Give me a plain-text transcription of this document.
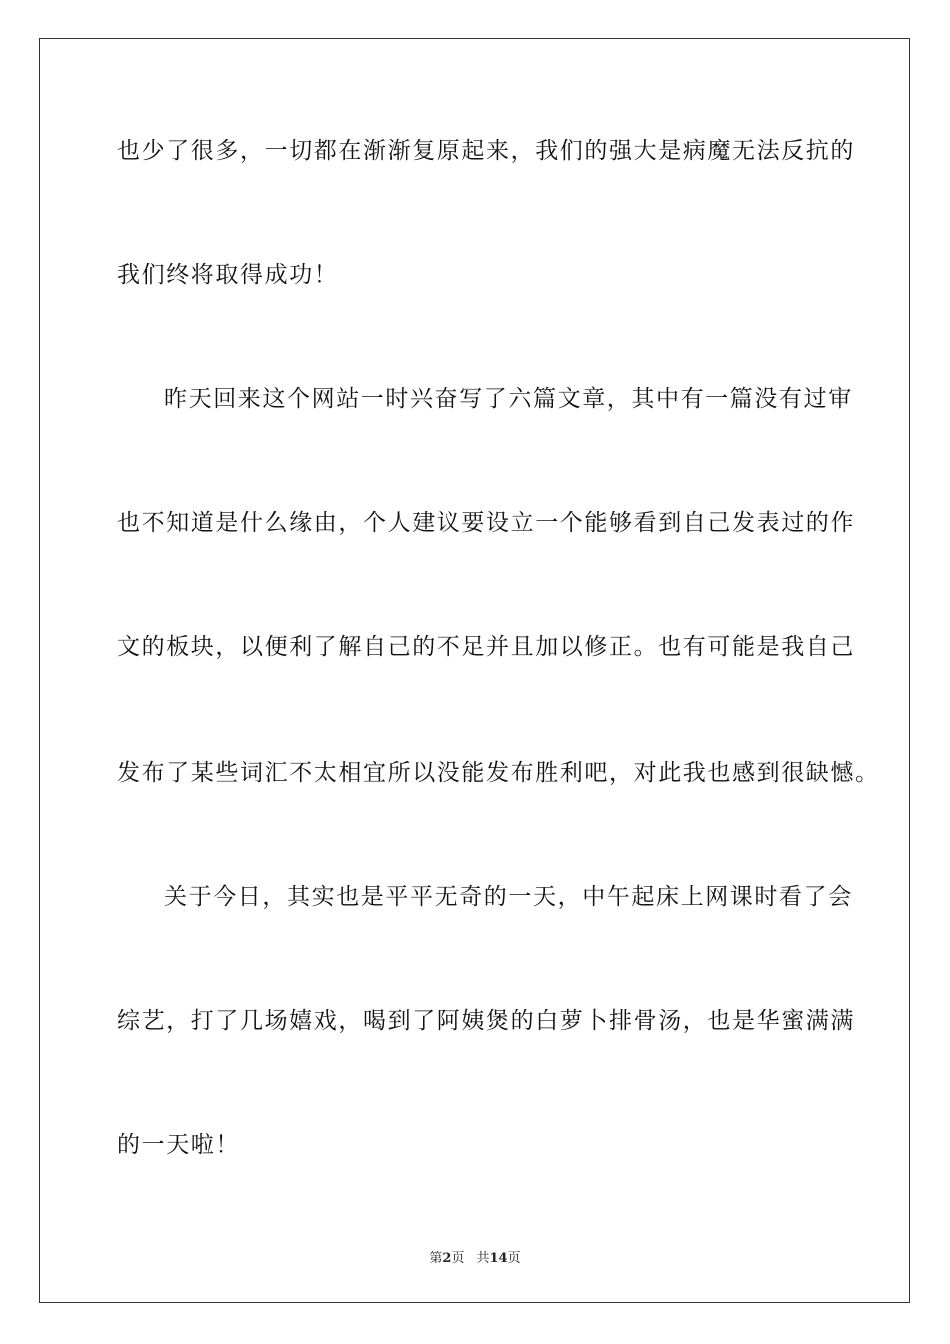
也少了很多，一切都在渐渐复原起来，我们的强大是病魔无法反抗的
我们终将取得成功！
昨天回来这个网站一时兴奋写了六篇文章，其中有一篇没有过审
也不知道是什么缘由，个人建议要设立一个能够看到自己发表过的作
文的板块，以便利了解自己的不足并且加以修正。也有可能是我自己
发布了某些词汇不太相宜所以没能发布胜利吧，对此我也感到很缺憾。
关于今日，其实也是平平无奇的一天，中午起床上网课时看了会
综艺，打了几场嬉戏，喝到了阿姨煲的白萝卜排骨汤，也是华蜜满满
的一天啦！
第2页 共14页
